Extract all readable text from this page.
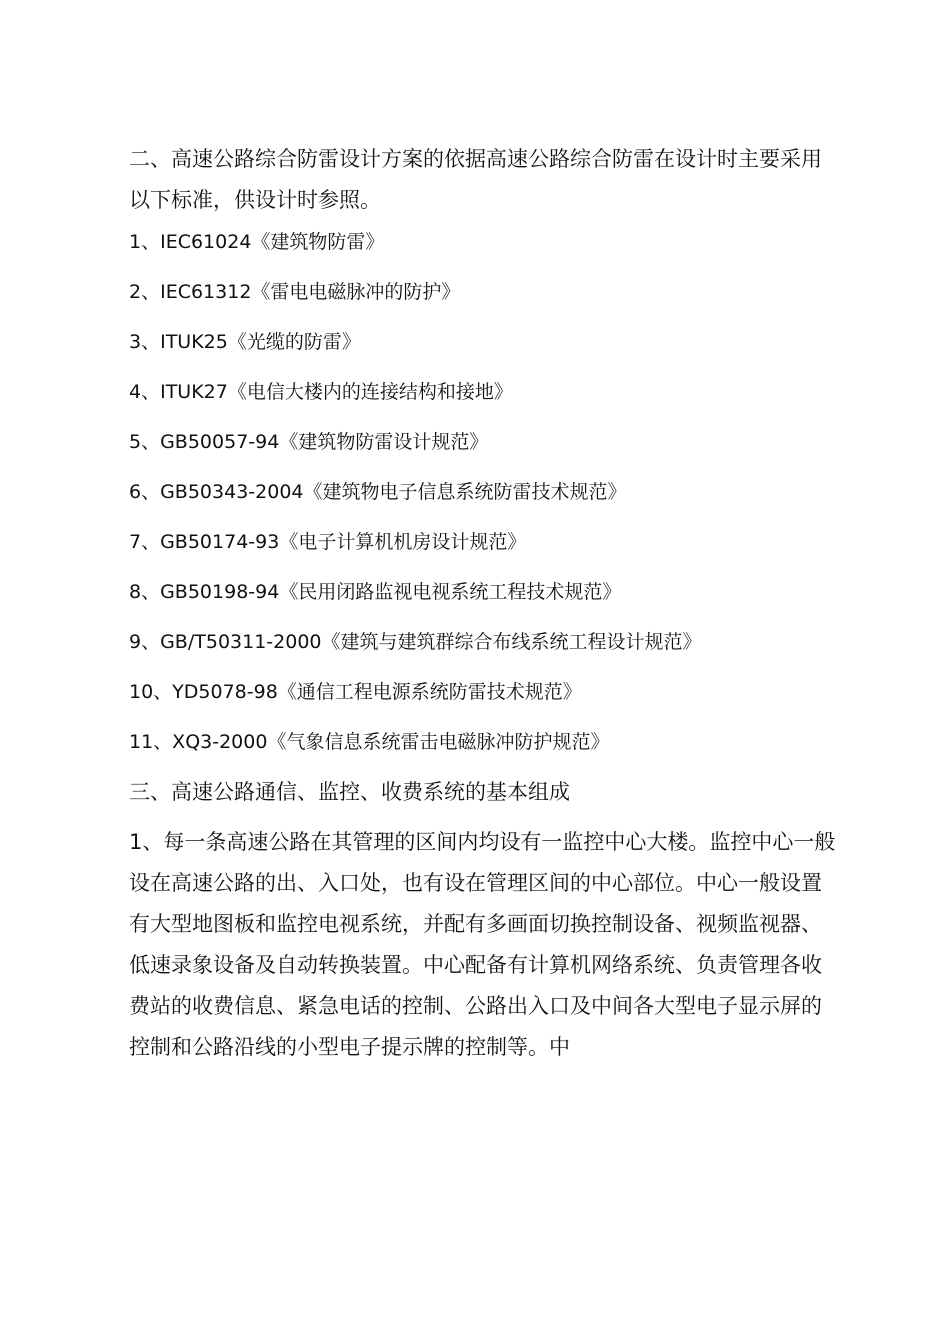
二、高速公路综合防雷设计方案的依据高速公路综合防雷在设计时主要采用以下标准，供设计时参照。

1、IEC61024《建筑物防雷》
2、IEC61312《雷电电磁脉冲的防护》
3、ITUK25《光缆的防雷》
4、ITUK27《电信大楼内的连接结构和接地》
5、GB50057-94《建筑物防雷设计规范》
6、GB50343-2004《建筑物电子信息系统防雷技术规范》
7、GB50174-93《电子计算机机房设计规范》
8、GB50198-94《民用闭路监视电视系统工程技术规范》
9、GB/T50311-2000《建筑与建筑群综合布线系统工程设计规范》
10、YD5078-98《通信工程电源系统防雷技术规范》
11、XQ3-2000《气象信息系统雷击电磁脉冲防护规范》

三、高速公路通信、监控、收费系统的基本组成

1、每一条高速公路在其管理的区间内均设有一监控中心大楼。监控中心一般设在高速公路的出、入口处，也有设在管理区间的中心部位。中心一般设置有大型地图板和监控电视系统，并配有多画面切换控制设备、视频监视器、低速录象设备及自动转换装置。中心配备有计算机网络系统、负责管理各收费站的收费信息、紧急电话的控制、公路出入口及中间各大型电子显示屏的控制和公路沿线的小型电子提示牌的控制等。中
